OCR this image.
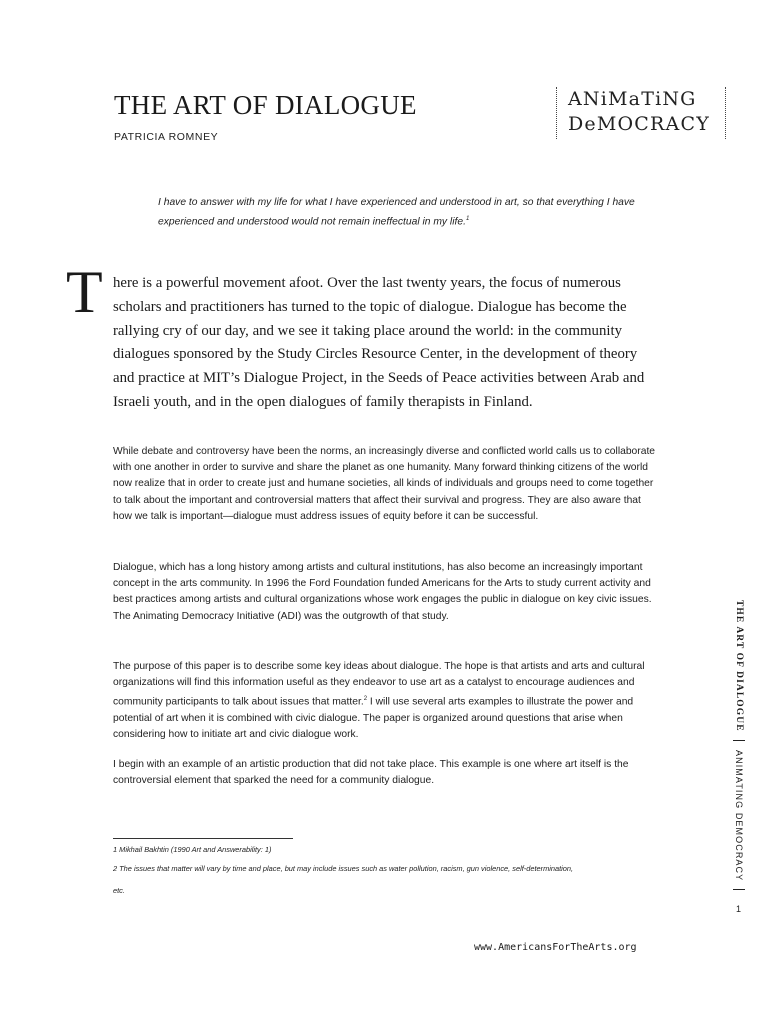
THE ART OF DIALOGUE

PATRICIA ROMNEY

ANiMaTiNG
DeMOCRACY

I have to answer with my life for what I have experienced and understood in art, so that everything I have experienced and understood would not remain ineffectual in my life.$^1$

T here is a powerful movement afoot. Over the last twenty years, the focus of numerous scholars and practitioners has turned to the topic of dialogue. Dialogue has become the rallying cry of our day, and we see it taking place around the world: in the community dialogues sponsored by the Study Circles Resource Center, in the development of theory and practice at MIT’s Dialogue Project, in the Seeds of Peace activities between Arab and Israeli youth, and in the open dialogues of family therapists in Finland.

While debate and controversy have been the norms, an increasingly diverse and conflicted world calls us to collaborate with one another in order to survive and share the planet as one humanity. Many forward thinking citizens of the world now realize that in order to create just and humane societies, all kinds of individuals and groups need to come together to talk about the important and controversial matters that affect their survival and progress. They are also aware that how we talk is important—dialogue must address issues of equity before it can be successful.

Dialogue, which has a long history among artists and cultural institutions, has also become an increasingly important concept in the arts community. In 1996 the Ford Foundation funded Americans for the Arts to study current activity and best practices among artists and cultural organizations whose work engages the public in dialogue on key civic issues. The Animating Democracy Initiative (ADI) was the outgrowth of that study.

The purpose of this paper is to describe some key ideas about dialogue. The hope is that artists and arts and cultural organizations will find this information useful as they endeavor to use art as a catalyst to encourage audiences and community participants to talk about issues that matter.$^2$ I will use several arts examples to illustrate the power and potential of art when it is combined with civic dialogue. The paper is organized around questions that arise when considering how to initiate art and civic dialogue work.

I begin with an example of an artistic production that did not take place. This example is one where art itself is the controversial element that sparked the need for a community dialogue.

1 Mikhail Bakhtin (1990 Art and Answerability: 1)

2 The issues that matter will vary by time and place, but may include issues such as water pollution, racism, gun violence, self-determination,
etc.

THE ART OF DIALOGUE
ANIMATING DEMOCRACY

1

www.AmericansForTheArts.org
